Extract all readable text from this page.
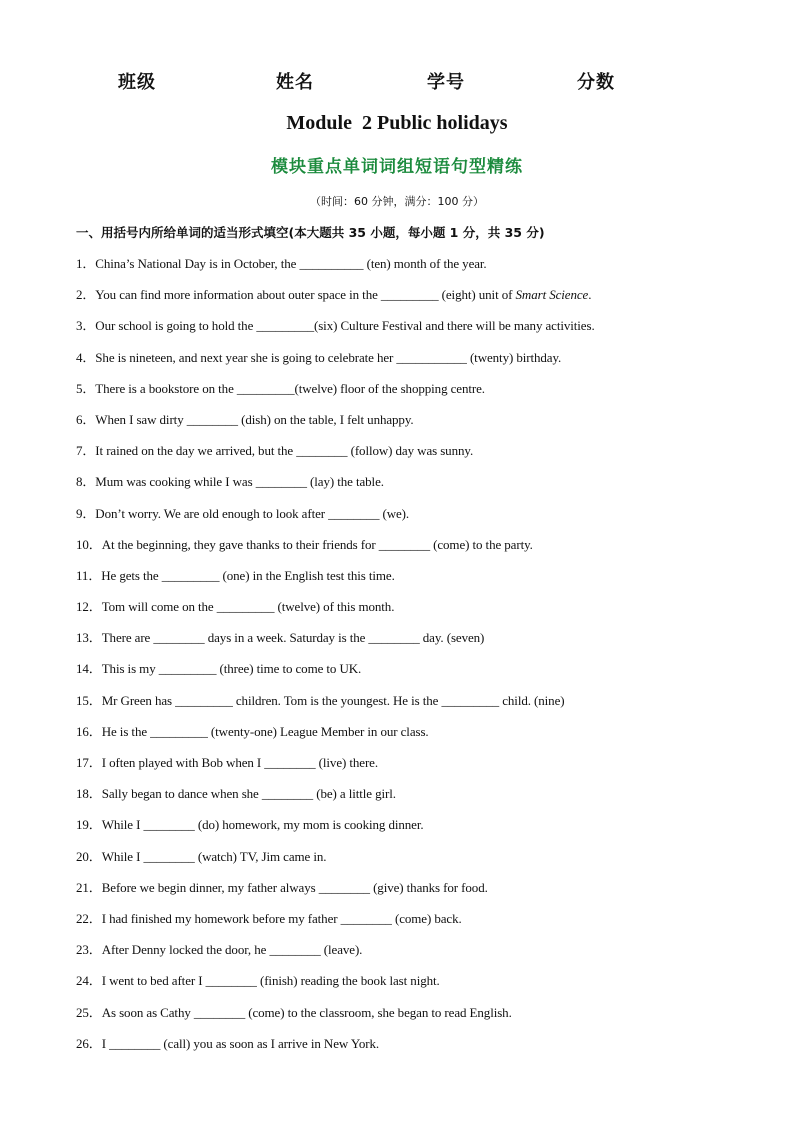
班级	姓名	学号	分数
Module  2 Public holidays
模块重点单词词组短语句型精练
（时间：60 分钟，满分：100 分）
一、用括号内所给单词的适当形式填空(本大题共 35 小题，每小题 1 分，共 35 分)
1．China’s National Day is in October, the __________ (ten) month of the year.
2．You can find more information about outer space in the _________ (eight) unit of Smart Science.
3．Our school is going to hold the _________(six) Culture Festival and there will be many activities.
4．She is nineteen, and next year she is going to celebrate her ___________ (twenty) birthday.
5．There is a bookstore on the _________(twelve) floor of the shopping centre.
6．When I saw dirty ________ (dish) on the table, I felt unhappy.
7．It rained on the day we arrived, but the ________ (follow) day was sunny.
8．Mum was cooking while I was ________ (lay) the table.
9．Don’t worry. We are old enough to look after ________ (we).
10．At the beginning, they gave thanks to their friends for ________ (come) to the party.
11．He gets the _________ (one) in the English test this time.
12．Tom will come on the _________ (twelve) of this month.
13．There are ________ days in a week. Saturday is the ________ day. (seven)
14．This is my _________ (three) time to come to UK.
15．Mr Green has _________ children. Tom is the youngest. He is the _________ child. (nine)
16．He is the _________ (twenty-one) League Member in our class.
17．I often played with Bob when I ________ (live) there.
18．Sally began to dance when she ________ (be) a little girl.
19．While I ________ (do) homework, my mom is cooking dinner.
20．While I ________ (watch) TV, Jim came in.
21．Before we begin dinner, my father always ________ (give) thanks for food.
22．I had finished my homework before my father ________ (come) back.
23．After Denny locked the door, he ________ (leave).
24．I went to bed after I ________ (finish) reading the book last night.
25．As soon as Cathy ________ (come) to the classroom, she began to read English.
26．I ________ (call) you as soon as I arrive in New York.
